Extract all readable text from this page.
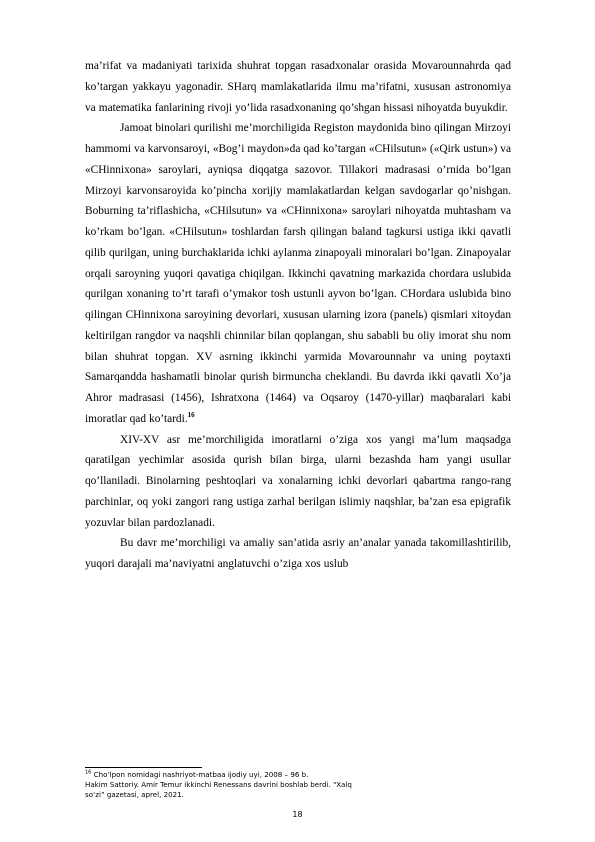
ma’rifat va madaniyati tarixida shuhrat topgan rasadxonalar orasida Movarounnahrda qad ko’targan yakkayu yagonadir. SHarq mamlakatlarida ilmu ma’rifatni, xususan astronomiya va matematika fanlarining rivoji yo’lida rasadxonaning qo’shgan hissasi nihoyatda buyukdir.

Jamoat binolari qurilishi me’morchiligida Registon maydonida bino qilingan Mirzoyi hammomi va karvonsaroyi, «Bog’i maydon»da qad ko’targan «CHilsutun» («Qirk ustun») va «CHinnixona» saroylari, ayniqsa diqqatga sazovor. Tillakori madrasasi o’rnida bo’lgan Mirzoyi karvonsaroyida ko’pincha xorijiy mamlakatlardan kelgan savdogarlar qo’nishgan. Boburning ta’riflashicha, «CHilsutun» va «CHinnixona» saroylari nihoyatda muhtasham va ko’rkam bo’lgan. «CHilsutun» toshlardan farsh qilingan baland tagkursi ustiga ikki qavatli qilib qurilgan, uning burchaklarida ichki aylanma zinapoyali minoralari bo’lgan. Zinapoyalar orqali saroyning yuqori qavatiga chiqilgan. Ikkinchi qavatning markazida chordara uslubida qurilgan xonaning to’rt tarafi o’ymakor tosh ustunli ayvon bo’lgan. CHordara uslubida bino qilingan CHinnixona saroyining devorlari, xususan ularning izora (panelь) qismlari xitoydan keltirilgan rangdor va naqshli chinnilar bilan qoplangan, shu sababli bu oliy imorat shu nom bilan shuhrat topgan. XV asrning ikkinchi yarmida Movarounnahr va uning poytaxti Samarqandda hashamatli binolar qurish birmuncha cheklandi. Bu davrda ikki qavatli Xo’ja Ahror madrasasi (1456), Ishratxona (1464) va Oqsaroy (1470-yillar) maqbaralari kabi imoratlar qad ko’tardi.$^{16}$

XIV-XV asr me’morchiligida imoratlarni o’ziga xos yangi ma’lum maqsadga qaratilgan yechimlar asosida qurish bilan birga, ularni bezashda ham yangi usullar qo’llaniladi. Binolarning peshtoqlari va xonalarning ichki devorlari qabartma rango-rang parchinlar, oq yoki zangori rang ustiga zarhal berilgan islimiy naqshlar, ba’zan esa epigrafik yozuvlar bilan pardozlanadi.

Bu davr me’morchiligi va amaliy san’atida asriy an’analar yanada takomillashtirilib, yuqori darajali ma’naviyatni anglatuvchi o’ziga xos uslub

$^{16}$ Cho’lpon nomidagi nashriyot-matbaa ijodiy uyi, 2008 – 96 b.

Hakim Sattoriy. Amir Temur ikkinchi Renessans davrini boshlab berdi. “Xalq

so‘zi” gazetasi, aprel, 2021.

18
